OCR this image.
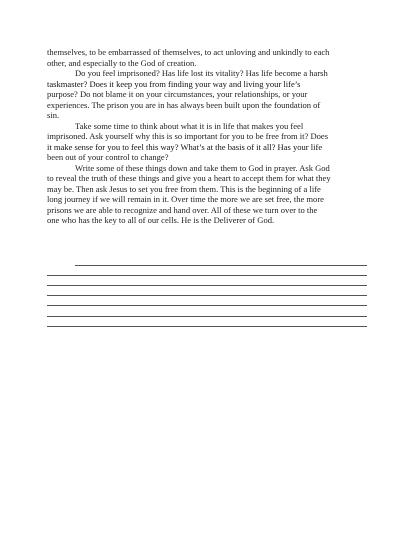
themselves, to be embarrassed of themselves, to act unloving and unkindly to each
other, and especially to the God of creation.

Do you feel imprisoned? Has life lost its vitality? Has life become a harsh
taskmaster? Does it keep you from finding your way and living your life’s
purpose? Do not blame it on your circumstances, your relationships, or your
experiences. The prison you are in has always been built upon the foundation of
sin.

Take some time to think about what it is in life that makes you feel
imprisoned. Ask yourself why this is so important for you to be free from it? Does
it make sense for you to feel this way? What’s at the basis of it all? Has your life
been out of your control to change?

Write some of these things down and take them to God in prayer. Ask God
to reveal the truth of these things and give you a heart to accept them for what they
may be. Then ask Jesus to set you free from them. This is the beginning of a life
long journey if we will remain in it. Over time the more we are set free, the more
prisons we are able to recognize and hand over. All of these we turn over to the
one who has the key to all of our cells. He is the Deliverer of God.
